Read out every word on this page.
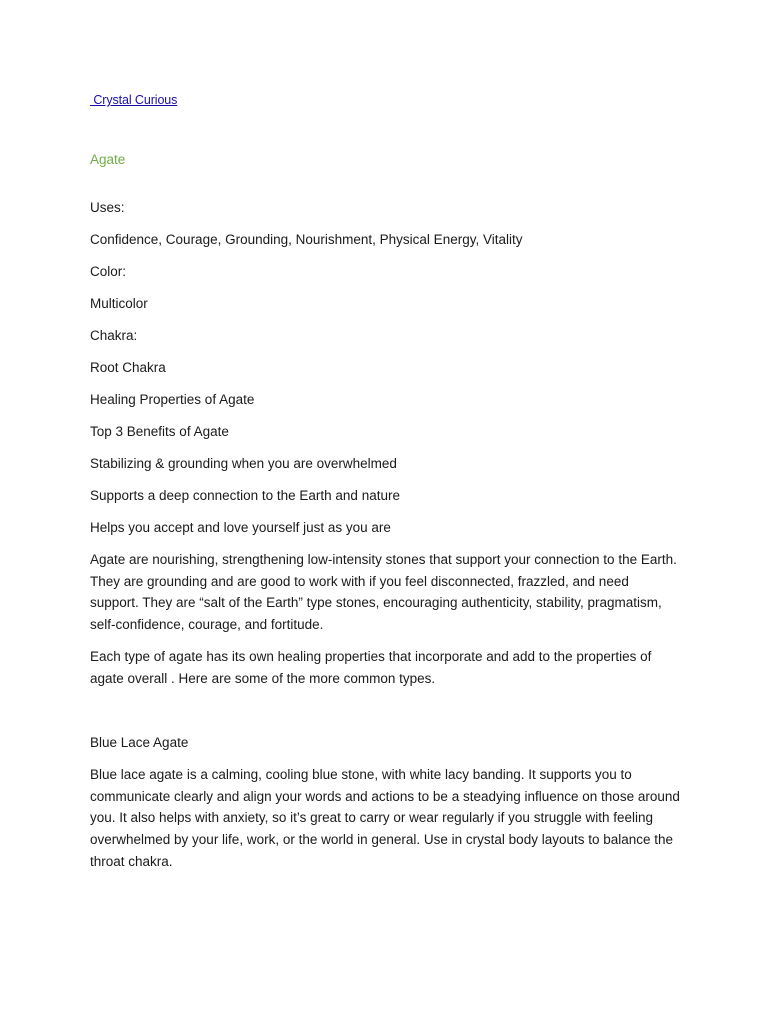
Crystal Curious
Agate
Uses:
Confidence, Courage, Grounding, Nourishment, Physical Energy, Vitality
Color:
Multicolor
Chakra:
Root Chakra
Healing Properties of Agate
Top 3 Benefits of Agate
Stabilizing & grounding when you are overwhelmed
Supports a deep connection to the Earth and nature
Helps you accept and love yourself just as you are

Agate are nourishing, strengthening low-intensity stones that support your connection to the Earth. They are grounding and are good to work with if you feel disconnected, frazzled, and need support. They are “salt of the Earth” type stones, encouraging authenticity, stability, pragmatism, self-confidence, courage, and fortitude.

Each type of agate has its own healing properties that incorporate and add to the properties of agate overall . Here are some of the more common types.

Blue Lace Agate

Blue lace agate is a calming, cooling blue stone, with white lacy banding. It supports you to communicate clearly and align your words and actions to be a steadying influence on those around you. It also helps with anxiety, so it’s great to carry or wear regularly if you struggle with feeling overwhelmed by your life, work, or the world in general. Use in crystal body layouts to balance the throat chakra.
